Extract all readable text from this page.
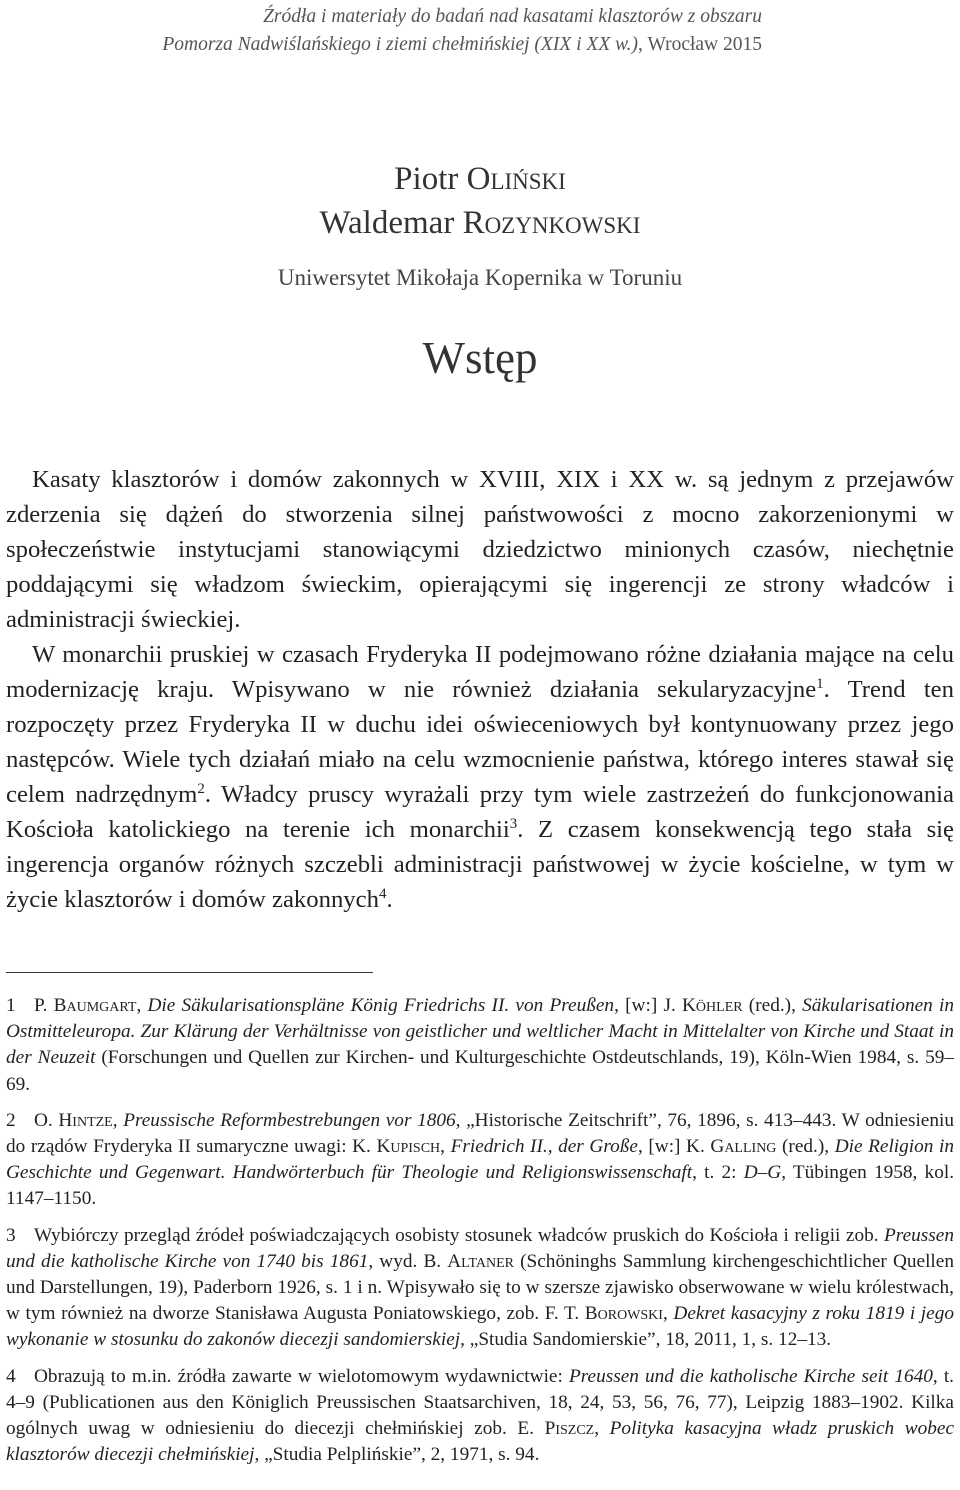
Źródła i materiały do badań nad kasatami klasztorów z obszaru
Pomorza Nadwiślańskiego i ziemi chełmińskiej (XIX i XX w.), Wrocław 2015
Piotr Oliński
Waldemar Rozynkowski
Uniwersytet Mikołaja Kopernika w Toruniu
Wstęp

Kasaty klasztorów i domów zakonnych w XVIII, XIX i XX w. są jednym z przejawów zderzenia się dążeń do stworzenia silnej państwowości z mocno zakorzenionymi w społeczeństwie instytucjami stanowiącymi dziedzictwo minionych czasów, niechętnie poddającymi się władzom świeckim, opierającymi się ingerencji ze strony władców i administracji świeckiej.

W monarchii pruskiej w czasach Fryderyka II podejmowano różne działania mające na celu modernizację kraju. Wpisywano w nie również działania sekularyzacyjne$^1$. Trend ten rozpoczęty przez Fryderyka II w duchu idei oświeceniowych był kontynuowany przez jego następców. Wiele tych działań miało na celu wzmocnienie państwa, którego interes stawał się celem nadrzędnym$^2$. Władcy pruscy wyrażali przy tym wiele zastrzeżeń do funkcjonowania Kościoła katolickiego na terenie ich monarchii$^3$. Z czasem konsekwencją tego stała się ingerencja organów różnych szczebli administracji państwowej w życie kościelne, w tym w życie klasztorów i domów zakonnych$^4$.

1 P. Baumgart, Die Säkularisationspläne König Friedrichs II. von Preußen, [w:] J. Köhler (red.), Säkularisationen in Ostmitteleuropa. Zur Klärung der Verhältnisse von geistlicher und weltlicher Macht in Mittelalter von Kirche und Staat in der Neuzeit (Forschungen und Quellen zur Kirchen- und Kulturgeschichte Ostdeutschlands, 19), Köln-Wien 1984, s. 59–69.

2 O. Hintze, Preussische Reformbestrebungen vor 1806, „Historische Zeitschrift”, 76, 1896, s. 413–443. W odniesieniu do rządów Fryderyka II sumaryczne uwagi: K. Kupisch, Friedrich II., der Große, [w:] K. Galling (red.), Die Religion in Geschichte und Gegenwart. Handwörterbuch für Theologie und Religionswissenschaft, t. 2: D–G, Tübingen 1958, kol. 1147–1150.

3 Wybiórczy przegląd źródeł poświadczających osobisty stosunek władców pruskich do Kościoła i religii zob. Preussen und die katholische Kirche von 1740 bis 1861, wyd. B. Altaner (Schöninghs Sammlung kirchengeschichtlicher Quellen und Darstellungen, 19), Paderborn 1926, s. 1 i n. Wpisywało się to w szersze zjawisko obserwowane w wielu królestwach, w tym również na dworze Stanisława Augusta Poniatowskiego, zob. F. T. Borowski, Dekret kasacyjny z roku 1819 i jego wykonanie w stosunku do zakonów diecezji sandomierskiej, „Studia Sandomierskie”, 18, 2011, 1, s. 12–13.

4 Obrazują to m.in. źródła zawarte w wielotomowym wydawnictwie: Preussen und die katholische Kirche seit 1640, t. 4–9 (Publicationen aus den Königlich Preussischen Staatsarchiven, 18, 24, 53, 56, 76, 77), Leipzig 1883–1902. Kilka ogólnych uwag w odniesieniu do diecezji chełmińskiej zob. E. Piszcz, Polityka kasacyjna władz pruskich wobec klasztorów diecezji chełmińskiej, „Studia Pelplińskie”, 2, 1971, s. 94.
